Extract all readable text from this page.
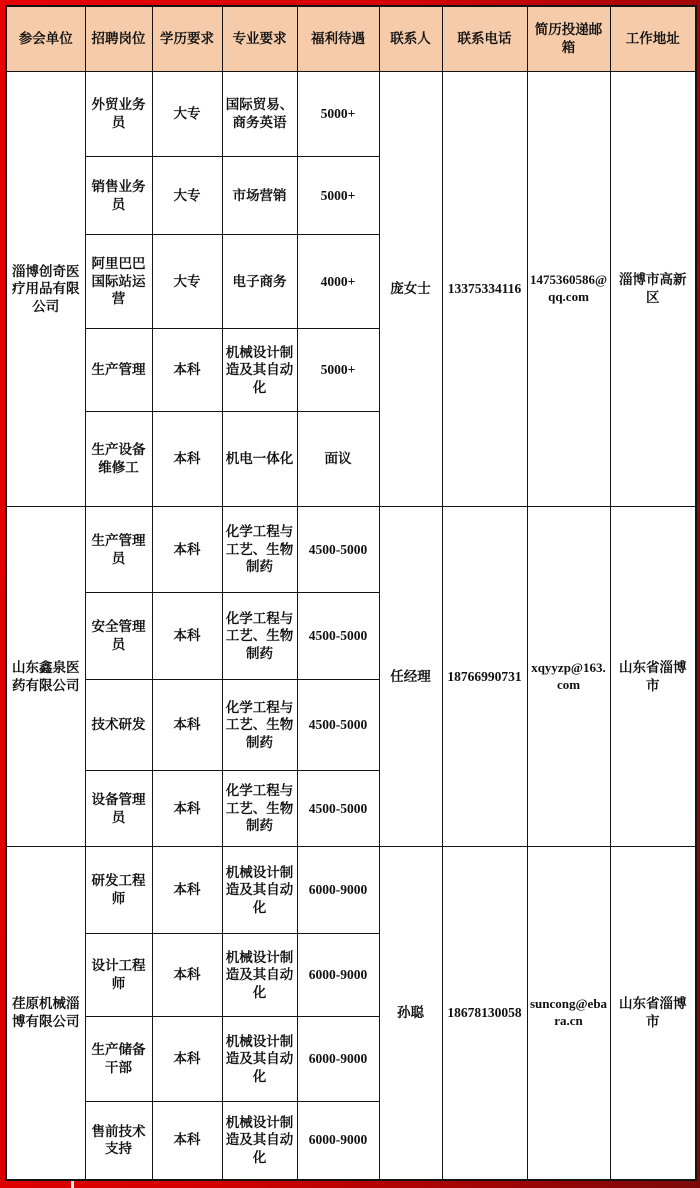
参会单位	招聘岗位	学历要求	专业要求	福利待遇	联系人	联系电话	简历投递邮箱	工作地址
淄博创奇医疗用品有限公司	外贸业务员	大专	国际贸易、商务英语	5000+	庞女士	13375334116	1475360586@qq.com	淄博市高新区
	销售业务员	大专	市场营销	5000+				
	阿里巴巴国际站运营	大专	电子商务	4000+				
	生产管理	本科	机械设计制造及其自动化	5000+				
	生产设备维修工	本科	机电一体化	面议				
山东鑫泉医药有限公司	生产管理员	本科	化学工程与工艺、生物制药	4500-5000	任经理	18766990731	xqyyzp@163.com	山东省淄博市
	安全管理员	本科	化学工程与工艺、生物制药	4500-5000				
	技术研发	本科	化学工程与工艺、生物制药	4500-5000				
	设备管理员	本科	化学工程与工艺、生物制药	4500-5000				
荏原机械淄博有限公司	研发工程师	本科	机械设计制造及其自动化	6000-9000	孙聪	18678130058	suncong@ebara.cn	山东省淄博市
	设计工程师	本科	机械设计制造及其自动化	6000-9000				
	生产储备干部	本科	机械设计制造及其自动化	6000-9000				
	售前技术支持	本科	机械设计制造及其自动化	6000-9000				
